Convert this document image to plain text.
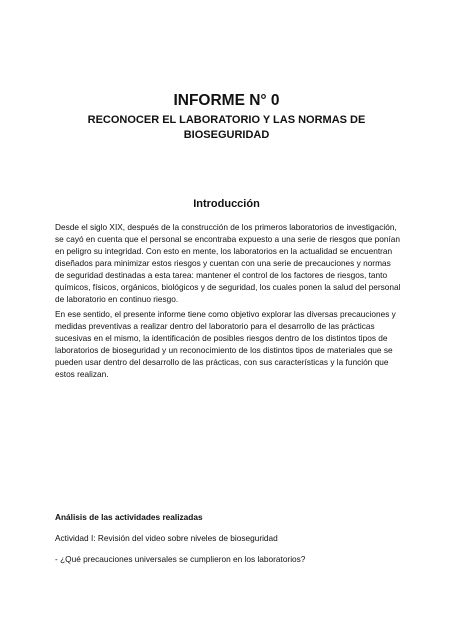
INFORME N° 0
RECONOCER EL LABORATORIO Y LAS NORMAS DE
BIOSEGURIDAD
Introducción

Desde el siglo XIX, después de la construcción de los primeros laboratorios de investigación, se cayó en cuenta que el personal se encontraba expuesto a una serie de riesgos que ponían en peligro su integridad. Con esto en mente, los laboratorios en la actualidad se encuentran diseñados para minimizar estos riesgos y cuentan con una serie de precauciones y normas de seguridad destinadas a esta tarea: mantener el control de los factores de riesgos, tanto químicos, físicos, orgánicos, biológicos y de seguridad, los cuales ponen la salud del personal de laboratorio en continuo riesgo.

En ese sentido, el presente informe tiene como objetivo explorar las diversas precauciones y medidas preventivas a realizar dentro del laboratorio para el desarrollo de las prácticas sucesivas en el mismo, la identificación de posibles riesgos dentro de los distintos tipos de laboratorios de bioseguridad y un reconocimiento de los distintos tipos de materiales que se pueden usar dentro del desarrollo de las prácticas, con sus características y la función que estos realizan.

Análisis de las actividades realizadas

Actividad I: Revisión del video sobre niveles de bioseguridad

- ¿Qué precauciones universales se cumplieron en los laboratorios?
